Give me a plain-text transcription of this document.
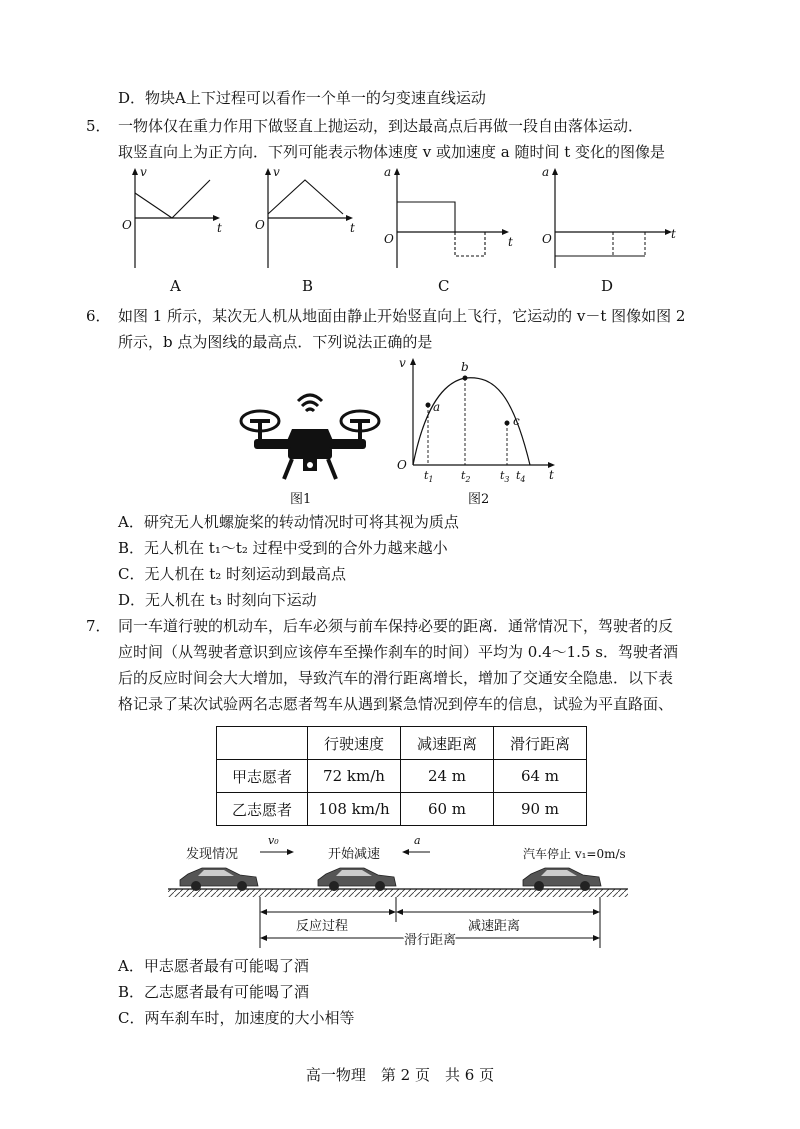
D．物块A上下过程可以看作一个单一的匀变速直线运动
5． 一物体仅在重力作用下做竖直上抛运动，到达最高点后再做一段自由落体运动．
取竖直向上为正方向．下列可能表示物体速度 v 或加速度 a 随时间 t 变化的图像是
v
t
O
A
v
t
O
B
a
t
O
C
a
t
O
D
6． 如图 1 所示，某次无人机从地面由静止开始竖直向上飞行，它运动的 v－t 图像如图 2
所示，b 点为图线的最高点．下列说法正确的是
图1
a
b
c
v
t
O
$t_1$ $t_2$	$t_3$ $t_4$
图2
A．研究无人机螺旋桨的转动情况时可将其视为质点
B．无人机在 t₁～t₂ 过程中受到的合外力越来越小
C．无人机在 t₂ 时刻运动到最高点
D．无人机在 t₃ 时刻向下运动
7． 同一车道行驶的机动车，后车必须与前车保持必要的距离．通常情况下，驾驶者的反
应时间（从驾驶者意识到应该停车至操作刹车的时间）平均为 0.4～1.5 s．驾驶者酒
后的反应时间会大大增加，导致汽车的滑行距离增长，增加了交通安全隐患．以下表
格记录了某次试验两名志愿者驾车从遇到紧急情况到停车的信息，试验为平直路面、
	行驶速度	减速距离	滑行距离
甲志愿者	72 km/h	24 m	64 m
乙志愿者	108 km/h	60 m	90 m
发现情况
v₀
开始减速
a
汽车停止 v₁=0m/s
反应过程	减速距离
滑行距离
A．甲志愿者最有可能喝了酒
B．乙志愿者最有可能喝了酒
C．两车刹车时，加速度的大小相等
高一物理　第 2 页　共 6 页
